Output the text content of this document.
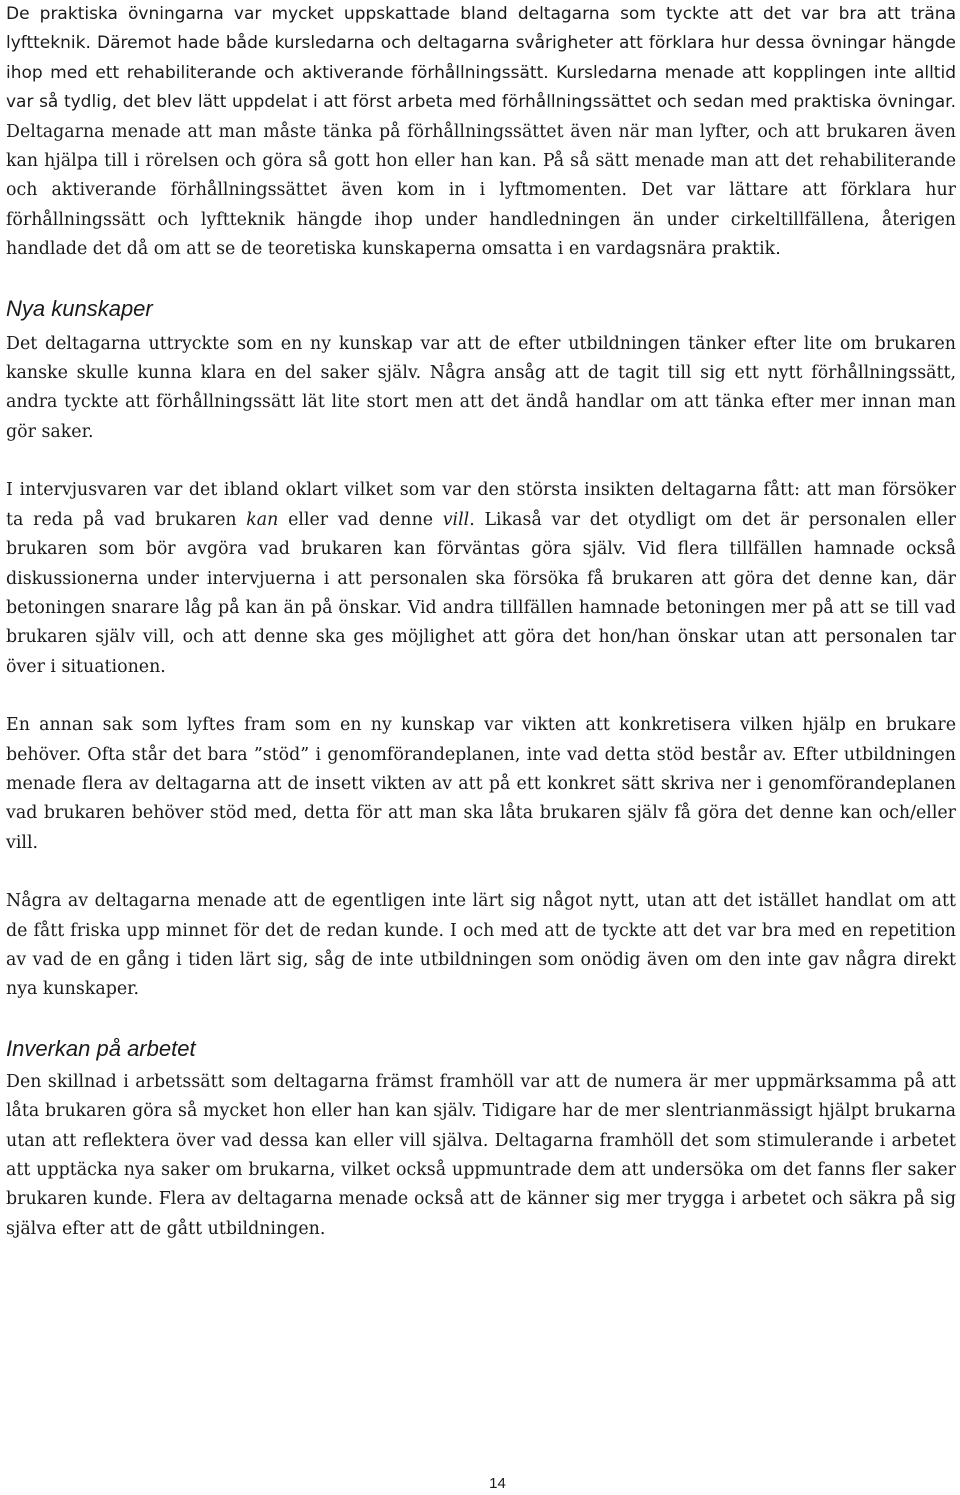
De praktiska övningarna var mycket uppskattade bland deltagarna som tyckte att det var bra att träna lyftteknik. Däremot hade både kursledarna och deltagarna svårigheter att förklara hur dessa övningar hängde ihop med ett rehabiliterande och aktiverande förhållningssätt. Kursledarna menade att kopplingen inte alltid var så tydlig, det blev lätt uppdelat i att först arbeta med förhållningssättet och sedan med praktiska övningar. Deltagarna menade att man måste tänka på förhållningssättet även när man lyfter, och att brukaren även kan hjälpa till i rörelsen och göra så gott hon eller han kan. På så sätt menade man att det rehabiliterande och aktiverande förhållningssättet även kom in i lyftmomenten. Det var lättare att förklara hur förhållningssätt och lyftteknik hängde ihop under handledningen än under cirkeltillfällena, återigen handlade det då om att se de teoretiska kunskaperna omsatta i en vardagsnära praktik.

Nya kunskaper

Det deltagarna uttryckte som en ny kunskap var att de efter utbildningen tänker efter lite om brukaren kanske skulle kunna klara en del saker själv. Några ansåg att de tagit till sig ett nytt förhållningssätt, andra tyckte att förhållningssätt lät lite stort men att det ändå handlar om att tänka efter mer innan man gör saker.

I intervjusvaren var det ibland oklart vilket som var den största insikten deltagarna fått: att man försöker ta reda på vad brukaren kan eller vad denne vill. Likaså var det otydligt om det är personalen eller brukaren som bör avgöra vad brukaren kan förväntas göra själv. Vid flera tillfällen hamnade också diskussionerna under intervjuerna i att personalen ska försöka få brukaren att göra det denne kan, där betoningen snarare låg på kan än på önskar. Vid andra tillfällen hamnade betoningen mer på att se till vad brukaren själv vill, och att denne ska ges möjlighet att göra det hon/han önskar utan att personalen tar över i situationen.

En annan sak som lyftes fram som en ny kunskap var vikten att konkretisera vilken hjälp en brukare behöver. Ofta står det bara ”stöd” i genomförandeplanen, inte vad detta stöd består av. Efter utbildningen menade flera av deltagarna att de insett vikten av att på ett konkret sätt skriva ner i genomförandeplanen vad brukaren behöver stöd med, detta för att man ska låta brukaren själv få göra det denne kan och/eller vill.

Några av deltagarna menade att de egentligen inte lärt sig något nytt, utan att det istället handlat om att de fått friska upp minnet för det de redan kunde. I och med att de tyckte att det var bra med en repetition av vad de en gång i tiden lärt sig, såg de inte utbildningen som onödig även om den inte gav några direkt nya kunskaper.

Inverkan på arbetet

Den skillnad i arbetssätt som deltagarna främst framhöll var att de numera är mer uppmärksamma på att låta brukaren göra så mycket hon eller han kan själv. Tidigare har de mer slentrianmässigt hjälpt brukarna utan att reflektera över vad dessa kan eller vill själva. Deltagarna framhöll det som stimulerande i arbetet att upptäcka nya saker om brukarna, vilket också uppmuntrade dem att undersöka om det fanns fler saker brukaren kunde. Flera av deltagarna menade också att de känner sig mer trygga i arbetet och säkra på sig själva efter att de gått utbildningen.

14
